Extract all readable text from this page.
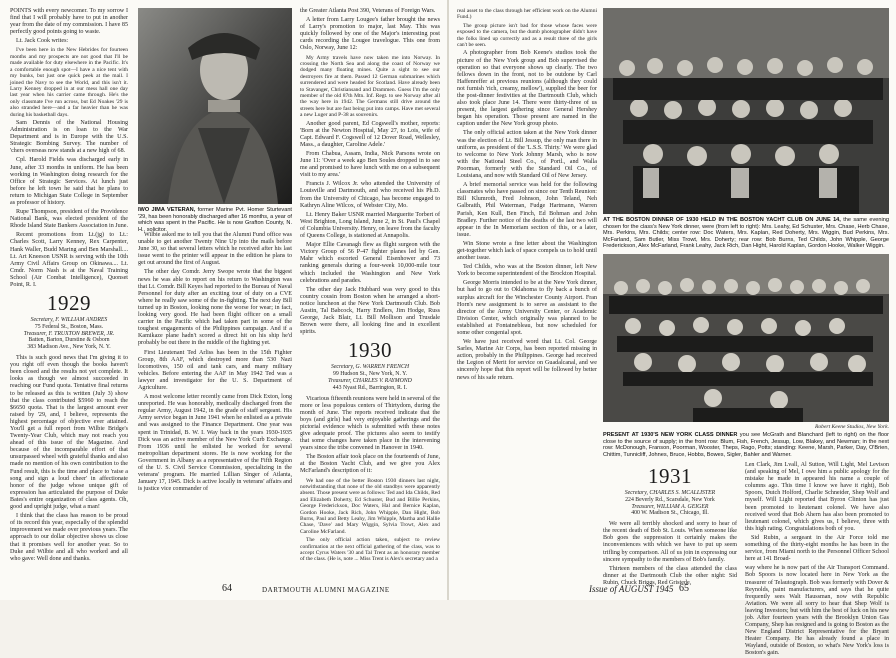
POINTS with every newcomer. To my sorrow I find that I will probably have to put in another year from the date of my commission. I have 85 perfectly good points going to waste.

Lt. Jack Cook writes:

I've been here in the New Hebrides for fourteen months and my prospects are not good that I'll be made available for duty elsewhere in the Pacific. It's a comfortable enough spot—I have a nice tent with my bunks, but just one quick peek at the mail. I joined the Navy to see the World, and this isn't it. Larry Kenney dropped in at our mess hall one day last year when his carrier came through. He's the only classmate I've run across, but Ed Noakes '29 is also stranded here—and a far heavier than he was during his basketball days.

Sam Dennis of the National Housing Administration is on loan to the War Department and is in Europe with the U.S. Strategic Bombing Survey. The number of 'chers overseas now stands at a new high of 68.

Cpl. Harold Fields was discharged early in June, after 33 months in uniform. He has been working in Washington doing research for the Office of Strategic Services. At lunch just before he left town he said that he plans to return to Michigan State College in September as professor of history.

Rupe Thompson, president of the Providence National Bank, was elected president of the Rhode Island State Bankers Association in June.

Recent promotions from Lt.(jg) to Lt.: Charles Scott, Larry Kenney, Rex Carpenter, Hank Waller, Budd Maring and Ben Marshall.... Lt. Art Kneeson USNR is serving with the 10th Army Civil Affairs Group on Okinawa.... Lt. Cmdr. Norm Nash is at the Naval Training School (Air Combat Intelligence), Quonset Point, R. I.

1929
Secretary, F. WILLIAM ANDRES
75 Federal St., Boston, Mass.
Treasurer, F. TRUXTON BREWER, JR.
Batten, Barton, Durstine & Osborn
383 Madison Ave., New York, N. Y.

This is such good news that I'm giving it to you right off even though the books haven't been closed and the results not yet complete. It looks as though we almost succeeded in reaching our Fund quota. Tentative final returns to be released as this is written (July 3) show that the class contributed $5960 to reach the $6650 quota. That is the largest amount ever raised by '29, and, I believe, represents the highest percentage of objective ever attained. You'll get a full report from Wilbie Bridge's Twenty-Year Club, which may not reach you ahead of this issue of the Magazine. And because of the incomparable effort of that unsurpassed wheel with grateful thanks and also made no mention of his own contribution to the Fund result, this is the time and place to 'raise a song and sign a loud cheer' in affectionate honor of the judge whose unique gift of expression has articulated the purpose of Duke Bates's entire organization of class agents. Oh, good and upright judge, what a man!

I think that the class has reason to be proud of its record this year, especially of the splendid improvement we made over previous years. The approach to our dollar objective shows us close that it promises well for another year. So to Duke and Wilbie and all who worked and all who gave: Well done and thanks.

IWO JIMA VETERAN, former Marine Pvt. Homer Sturtevant '29, has been honorably discharged after 16 months, a year of which was spent in the Pacific. He is now Grafton County, N. H., solicitor.

Wilbie asked me to tell you that the Alumni Fund office was unable to get another Twenty Nine Up into the mails before June 30, so that several letters which he received after his last issue went to the printer will appear in the edition he plans to get out around the first of August.

The other day Comdr. Jerry Swope wrote that the biggest news he was able to report on his return to Washington was that Lt. Comdr. Bill Keyes had reported to the Bureau of Naval Personnel for duty after an exciting tour of duty on a CVE where he really saw some of the in-fighting. The next day Bill turned up in Boston, looking none the worse for wear; in fact, looking very good. He had been flight officer on a small carrier in the Pacific which had taken part in some of the toughest engagements of the Philippines campaign. And if a Kamikaze plane hadn't scored a direct hit on his ship he'd probably be out there in the middle of the fighting yet.

First Lieutenant Ted Arliss has been in the 15th Fighter Group, 8th AAF, which destroyed more than 530 Nazi locomotives, 150 oil and tank cars, and many military vehicles. Before entering the AAF in May 1942 Ted was a lawyer and investigator for the U. S. Department of Agriculture.

A most welcome letter recently came from Dick Exton, long unreported. He was honorably, medically discharged from the regular Army, August 1942, in the grade of staff sergeant. His Army service began in June 1941 when he enlisted as a private and was assigned to the Finance Department. One year was spent in Trinidad, B. W. I. Way back in the years 1930-1935 Dick was an active member of the New York Curb Exchange. From 1936 until he enlisted he worked for several metropolitan department stores. He is now working for the Government in Albany as a representative of the Fifth Region of the U. S. Civil Service Commission, specializing in the veterans' program. He married Lillian Singer of Atlanta, January 17, 1945. Dick is active locally in veterans' affairs and is justice vice commander of

the Greater Atlanta Post 390, Veterans of Foreign Wars.

A letter from Larry Lougee's father brought the news of Larry's promotion to major, last May. This was quickly followed by one of the Major's interesting post cards recording the Lougee travelogue. This one from Oslo, Norway, June 12:

My Army travels have now taken me into Norway. In crossing the North Sea and along the coast of Norway we dodged many floating mines. Quite a sight to see our destroyers fire at them. Passed 12 German submarines which surrendered and were headed for Scotland. Have already been to Stavanger, Christiansand and Drammen. Guess I'm the only member of the old 87th Mtn. Inf. Regt. to see Norway after all the way here in 1942. The Germans still drive around the streets here but are fast being put into camps. Have met several a new Luger and P-38 as souvenirs.

Another good parent, Ed Cogswell's mother, reports: 'Born at the Newton Hospital, May 27, to Lois, wife of Capt. Edward F. Cogswell of 12 Dover Road, Wellesley, Mass., a daughter, Caroline Adele.'

From Chabua, Assam, India, Nick Parsons wrote on June 11: 'Over a week ago Ben Soules dropped in to see me and promised to have lunch with me on a subsequent visit to my area.'

Francis J. Wilcox Jr. who attended the University of Louisville and Dartmouth, and who received his Ph.D. from the University of Chicago, has become engaged to Kathryn Aline Wilcox, of Webster City, Mo.

Lt. Henry Baker USNR married Marguerite Torbert of West Brighton, Long Island, June 2, in St. Paul's Chapel of Columbia University. Henry, on leave from the faculty of Queens College, is stationed at Annapolis.

Major Ellie Cavanagh flew as flight surgeon with the Victory Group of 56 P-47 fighter planes led by Gen. Mahr which escorted General Eisenhower and 73 ranking generals during a four-week 10,000-mile tour which included the Washington and New York celebrations and parades.

The other day Jack Hubbard was very good to this country cousin from Boston when he arranged a short-notice luncheon at the New York Dartmouth Club. Bob Austin, Tal Babcock, Harry Endlers, Jim Hodge, Russ George, Jack Blair, Lt. Bill Mollison and Trusdale Brown were there, all looking fine and in excellent spirits.

1930
Secretary, G. WARREN FRENCH
99 Hudson St., New York, N. Y.
Treasurer, CHARLES V. RAYMOND
443 Nyast Rd., Barrington, R. I.

Vicarious fifteenth reunions were held in several of the more or less populous centers of Thirtydom, during the month of June. The reports received indicate that the boys (and girls) had very enjoyable gatherings and the pictorial evidence which is submitted with these notes give adequate proof. The pictures also seem to testify that some changes have taken place in the intervening years since the tribe convened in Hanover in 1940.

The Boston affair took place on the fourteenth of June, at the Boston Yacht Club, and we give you Alex McFarland's description of it:

We had one of the better Boston 1930 dinners last night, notwithstanding that none of the old standbys were apparently absent. Those present were as follows: Ted and Ida Childs, Red and Elizabeth Doherty, Ed Schuster, Bud and Billie Perkins, George Frederickson, Doc Waters, Hal and Bernice Kaplan, Gordon Hooke, Jack Rich, John Whipple, Dan Hight, Bob Burns, Paul and Betty Leahy, Jim Whipple, Martha and Hallie Chase, 'Dave' and Mary Wiggin, Sylvia Trowt, Alex and Caroline McFarland.

The only official action taken, subject to review confirmation at the next official gathering of the class, was to accept Cyrus Waters '30 and Tal Trent as an honorary member of the class. (He is, note ... Miss Trent is Alex's secretary and a

64	DARTMOUTH ALUMNI MAGAZINE

real asset to the class through her efficient work on the Alumni Fund.)

The group picture isn't bad for those whose faces were exposed to the camera, but the dumb photographer didn't have the folks lined up correctly and as a result three of the girls can't be seen.

A photographer from Bob Keene's studios took the picture of the New York group and Bob supervised the operation so that everyone shows up clearly. The two fellows down in the front, not to be outdone by Carl Haffenreffer at previous reunions (although they could not furnish 'rich, creamy, mellow'), supplied the beer for the post-dinner festivities at the Dartmouth Club, which also took place June 14. There were thirty-three of us present, the largest gathering since General Hershey began his operation. Those present are named in the caption under the New York group photo.

The only official action taken at the New York dinner was the election of Lt. Bill Jessup, the only man there in uniform, as president of the 'L.S.S. Thirty.' We were glad to welcome to New York Johnny Marsh, who is now with the National Steel Co., of Portl., and Walla Poorman, formerly with the Standard Oil Co., of Louisiana, and now with Standard Oil of New Jersey.

A brief memorial service was held for the following classmates who have passed on since our Tenth Reunion: Bill Klumroth, Fred Johnson, John Teland, Neh Galbraith, Phil Waterman, Fudge Hartmann, Warren Parish, Ken Kull, Ben Finch, Ed Bohman and John Bradley. Further notice of the deaths of the last two will appear in the In Memoriam section of this, or a later, issue.

Win Stone wrote a fine letter about the Washington get-together which lack of space compels us to hold until another issue.

Ted Childs, who was at the Boston dinner, left New York to become superintendent of the Brockton Hospital.

George Morris intended to be at the New York dinner, but had to go out to Oklahoma to fly back a bunch of surplus aircraft for the Winchester County Airport. Fran Horn's new assignment is to serve as assistant to the director of the Army University Center, or Academic Division Center, which originally was planned to be established at Fontainebleau, but now scheduled for some other congenial spot.

We have just received word that Lt. Col. George Sarles, Marine Air Corps, has been reported missing in action, probably in the Philippines. George had received the Legion of Merit for service on Guadalcanal, and we sincerely hope that this report will be followed by better news of his safe return.

AT THE BOSTON DINNER OF 1930 HELD IN THE BOSTON YACHT CLUB ON JUNE 14, the same evening chosen for the class's New York dinner, were (from left to right): Mrs. Leahy, Ed Schuster, Mrs. Chase, Herb Chase, Mrs. Perkins, Mrs. Childs; center row: Doc Waters, Mrs. Kaplan, Red Doherty, Mrs. Wiggin, Bud Perkins, Mrs. McFarland, Sam Butler, Miss Trowt, Mrs. Doherty; rear row: Bob Burns, Ted Childs, John Whipple, George Frederickson, Alex McFarland, Frank Leahy, Jack Rich, Dan Hight, Harold Kaplan, Gordon Hooke, Walker Wiggin.
Robert Keene Studios, New York.
PRESENT AT 1930'S NEW YORK CLASS DINNER you see McGrath and Blanchard (left to right) on the floor close to the source of supply; in the front row: Blum, Fish, French, Jessup, Low, Blakey, and Newman; in the next row: McDonough, Franson, Poorman, Wooster, Theps, Rago, Potts; standing: Keene, Marsh, Parker, Day, O'Brien, Chittim, Tunnicliff, Johnes, Bruce, Hobbs, Bowes, Sigler, Bahler and Warner.
1931
Secretary, CHARLES S. MCALLISTER
224 Beverly Rd., Scarsdale, New York
Treasurer, WILLIAM A. GEIGER
400 W. Madison St., Chicago, Ill.

We were all terribly shocked and sorry to hear of the recent death of Bob St. Louis. When someone like Bob goes the suppression it certainly makes the inconveniences with which we have to put up seem trifling by comparison. All of us join in expressing our sincere sympathy to the members of Bob's family.

Thirteen members of the class attended the class dinner at the Dartmouth Club the other night: Sid Rubin, Chuck Briggs, Red Gristede,

Len Clark, Jim Lvall, Al Sutton, Will Light, Mel Levison (and speaking of Mel, I owe him a public apology for the mistake he made in appeared his name a couple of columns ago. This time I know we have it right), Bob Spoors, Dutch Holford, Charlie Schneider, Shep Wolf and myself. Will Light reported that Byron Clinton has just been promoted to lieutenant colonel. We have also received word that Bob Ahern has also been promoted to lieutenant colonel, which gives us, I believe, three with this high rating. Congratulations both of you.

Sid Rubin, a sergeant in the Air Force told me something of the thirty-eight months he has been in the service, from Miami north to the Personnel Officer School here at 141 Broad-

way where he is now part of the Air Transport Command. Bob Spoors is now located here in New York as the treasurer of Telautograph. Bob was formerly with Dover & Reynolds, paint manufacturers, and says that he quite frequently sees Walt Haussman, now with Republic Aviation. We were all sorry to hear that Shep Wolf is leaving Investors; but with him the best of luck on his new job. After fourteen years with the Brooklyn Union Gas Company, Shep has resigned and is going to Boston as the New England District Representative for the Bryant Heater Company. He has already found a place in Wayland, outside of Boston, so what's New York's loss is Boston's gain.

Issue of AUGUST 1945 65
